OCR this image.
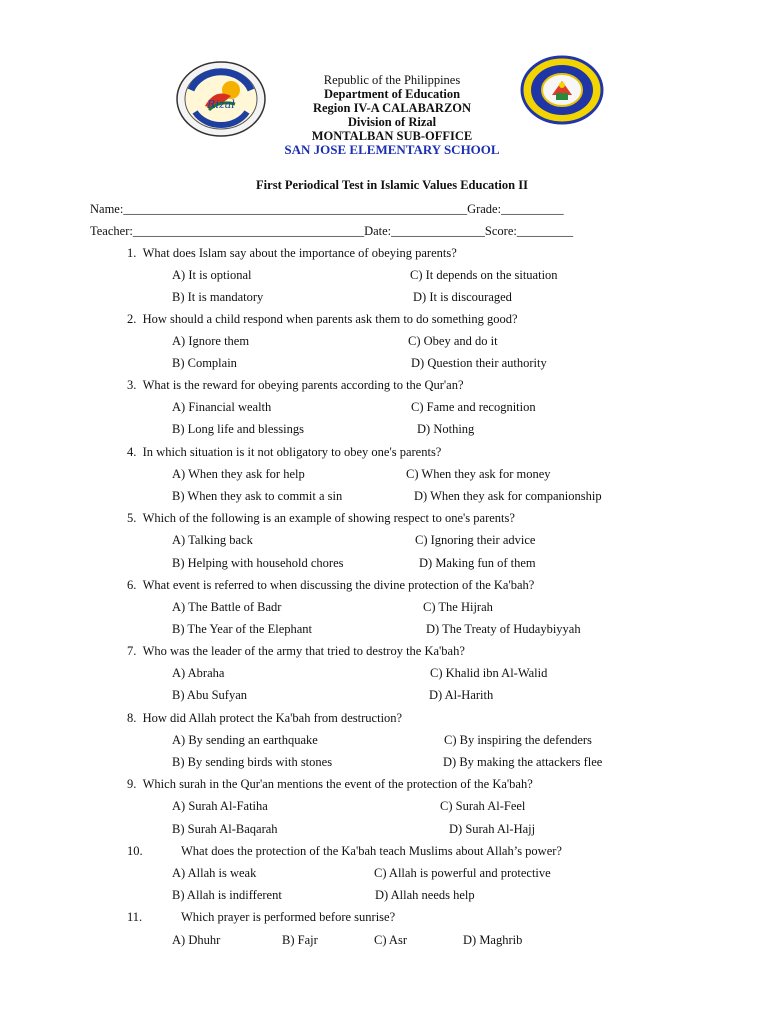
Rizal
Republic of the Philippines
Department of Education
Region IV-A CALABARZON
Division of Rizal
MONTALBAN SUB-OFFICE
SAN JOSE ELEMENTARY SCHOOL
First Periodical Test in Islamic Values Education II
Name:_______________________________________________________Grade:__________
Teacher:_____________________________________Date:_______________Score:_________
1. What does Islam say about the importance of obeying parents?
A) It is optional	C) It depends on the situation
B) It is mandatory	D) It is discouraged
2. How should a child respond when parents ask them to do something good?
A) Ignore them	C) Obey and do it
B) Complain	D) Question their authority
3. What is the reward for obeying parents according to the Qur'an?
A) Financial wealth	C) Fame and recognition
B) Long life and blessings	D) Nothing
4. In which situation is it not obligatory to obey one's parents?
A) When they ask for help	C) When they ask for money
B) When they ask to commit a sin	D) When they ask for companionship
5. Which of the following is an example of showing respect to one's parents?
A) Talking back	C) Ignoring their advice
B) Helping with household chores	D) Making fun of them
6. What event is referred to when discussing the divine protection of the Ka'bah?
A) The Battle of Badr	C) The Hijrah
B) The Year of the Elephant	D) The Treaty of Hudaybiyyah
7. Who was the leader of the army that tried to destroy the Ka'bah?
A) Abraha	C) Khalid ibn Al-Walid
B) Abu Sufyan	D) Al-Harith
8. How did Allah protect the Ka'bah from destruction?
A) By sending an earthquake	C) By inspiring the defenders
B) By sending birds with stones	D) By making the attackers flee
9. Which surah in the Qur'an mentions the event of the protection of the Ka'bah?
A) Surah Al-Fatiha	C) Surah Al-Feel
B) Surah Al-Baqarah	D) Surah Al-Hajj
10.	What does the protection of the Ka'bah teach Muslims about Allah’s power?
A) Allah is weak	C) Allah is powerful and protective
B) Allah is indifferent	D) Allah needs help
11.	Which prayer is performed before sunrise?
A) Dhuhr	B) Fajr	C) Asr	D) Maghrib
